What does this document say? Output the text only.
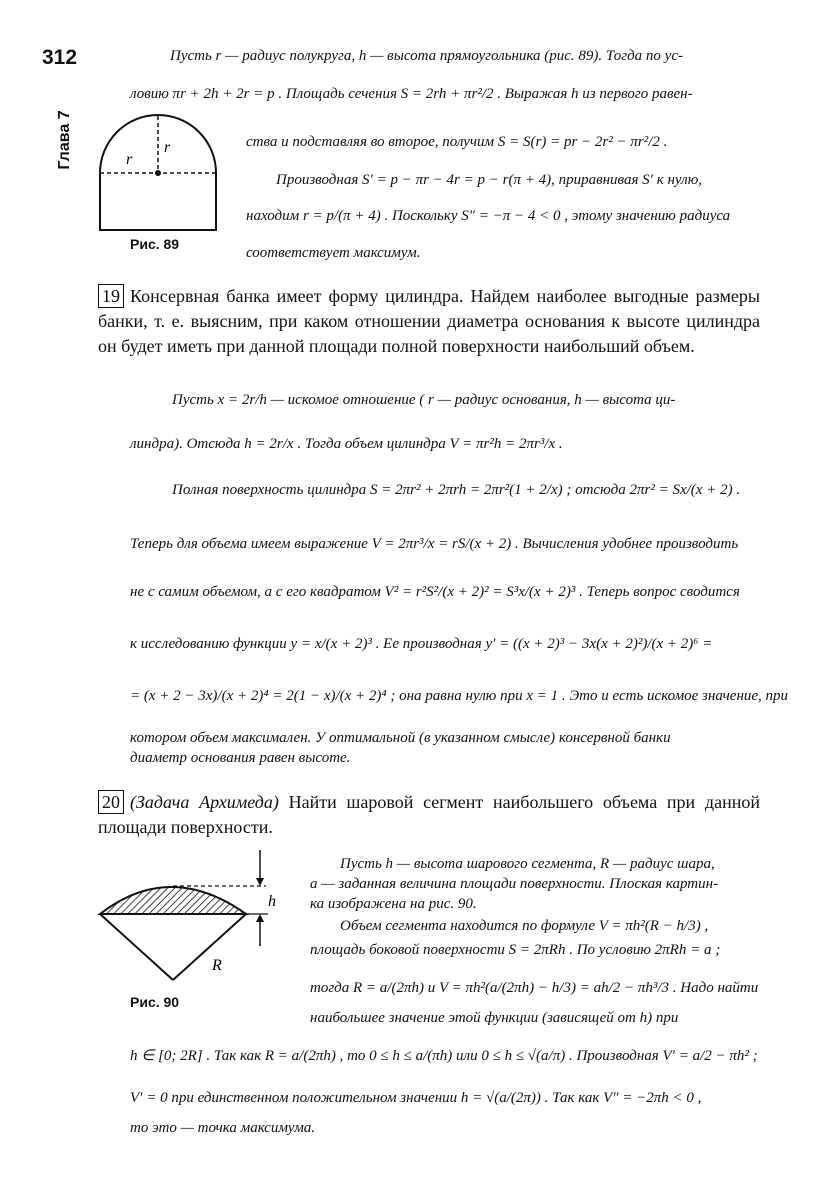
312
Глава 7	r
r
Рис. 89
Пусть r — радиус полукруга, h — высота прямоугольника (рис. 89). Тогда по ус-
ловию πr + 2h + 2r = p . Площадь сечения S = 2rh + πr²/2 . Выражая h из первого равен-
ства и подставляя во второе, получим S = S(r) = pr − 2r² − πr²/2 .
Производная S′ = p − πr − 4r = p − r(π + 4), приравнивая S′ к нулю,
находим r = p/(π + 4) . Поскольку S″ = −π − 4 < 0 , этому значению радиуса
соответствует максимум.
19 Консервная банка имеет форму цилиндра. Найдем наиболее выгодные размеры банки, т. е. выясним, при каком отношении диаметра основания к высоте цилиндра он будет иметь при данной площади полной поверхности наибольший объем.
Пусть x = 2r/h — искомое отношение ( r — радиус основания, h — высота ци-
линдра). Отсюда h = 2r/x . Тогда объем цилиндра V = πr²h = 2πr³/x .
Полная поверхность цилиндра S = 2πr² + 2πrh = 2πr²(1 + 2/x) ; отсюда 2πr² = Sx/(x + 2) .
Теперь для объема имеем выражение V = 2πr³/x = rS/(x + 2) . Вычисления удобнее производить
не с самим объемом, а с его квадратом V² = r²S²/(x + 2)² = S³x/(x + 2)³ . Теперь вопрос сводится
к исследованию функции y = x/(x + 2)³ . Ее производная y′ = ((x + 2)³ − 3x(x + 2)²)/(x + 2)⁶ =
= (x + 2 − 3x)/(x + 2)⁴ = 2(1 − x)/(x + 2)⁴ ; она равна нулю при x = 1 . Это и есть искомое значение, при
котором объем максимален. У оптимальной (в указанном смысле) консервной банки
диаметр основания равен высоте.
20 (Задача Архимеда) Найти шаровой сегмент наибольшего объема при данной площади поверхности.
h
R
Рис. 90
Пусть h — высота шарового сегмента, R — радиус шара,
a — заданная величина площади поверхности. Плоская картин-
ка изображена на рис. 90.
Объем сегмента находится по формуле V = πh²(R − h/3) ,
площадь боковой поверхности S = 2πRh . По условию 2πRh = a ;
тогда R = a/(2πh) и V = πh²(a/(2πh) − h/3) = ah/2 − πh³/3 . Надо найти
наибольшее значение этой функции (зависящей от h) при
h ∈ [0; 2R] . Так как R = a/(2πh) , то 0 ≤ h ≤ a/(πh) или 0 ≤ h ≤ √(a/π) . Производная V′ = a/2 − πh² ;
V′ = 0 при единственном положительном значении h = √(a/(2π)) . Так как V″ = −2πh < 0 ,
то это — точка максимума.
